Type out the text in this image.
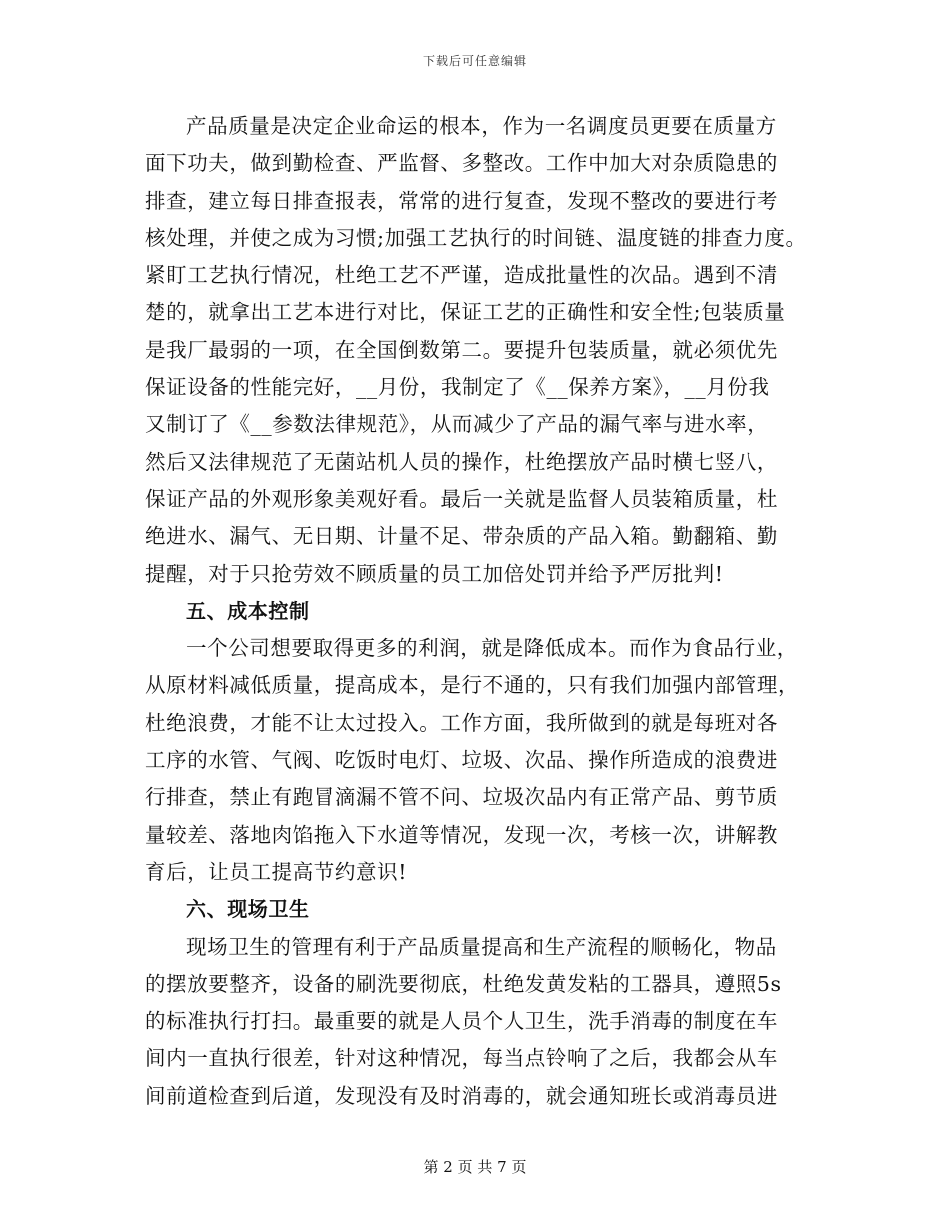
下载后可任意编辑
产品质量是决定企业命运的根本，作为一名调度员更要在质量方
面下功夫，做到勤检查、严监督、多整改。工作中加大对杂质隐患的
排查，建立每日排查报表，常常的进行复查，发现不整改的要进行考
核处理，并使之成为习惯;加强工艺执行的时间链、温度链的排查力度。
紧盯工艺执行情况，杜绝工艺不严谨，造成批量性的次品。遇到不清
楚的，就拿出工艺本进行对比，保证工艺的正确性和安全性;包装质量
是我厂最弱的一项，在全国倒数第二。要提升包装质量，就必须优先
保证设备的性能完好，__月份，我制定了《__保养方案》，__月份我
又制订了《__参数法律规范》，从而减少了产品的漏气率与进水率，
然后又法律规范了无菌站机人员的操作，杜绝摆放产品时横七竖八，
保证产品的外观形象美观好看。最后一关就是监督人员装箱质量，杜
绝进水、漏气、无日期、计量不足、带杂质的产品入箱。勤翻箱、勤
提醒，对于只抢劳效不顾质量的员工加倍处罚并给予严厉批判!
五、成本控制
一个公司想要取得更多的利润，就是降低成本。而作为食品行业，
从原材料减低质量，提高成本，是行不通的，只有我们加强内部管理，
杜绝浪费，才能不让太过投入。工作方面，我所做到的就是每班对各
工序的水管、气阀、吃饭时电灯、垃圾、次品、操作所造成的浪费进
行排查，禁止有跑冒滴漏不管不问、垃圾次品内有正常产品、剪节质
量较差、落地肉馅拖入下水道等情况，发现一次，考核一次，讲解教
育后，让员工提高节约意识!
六、现场卫生
现场卫生的管理有利于产品质量提高和生产流程的顺畅化，物品
的摆放要整齐，设备的刷洗要彻底，杜绝发黄发粘的工器具，遵照5s
的标准执行打扫。最重要的就是人员个人卫生，洗手消毒的制度在车
间内一直执行很差，针对这种情况，每当点铃响了之后，我都会从车
间前道检查到后道，发现没有及时消毒的，就会通知班长或消毒员进
第 2 页 共 7 页
